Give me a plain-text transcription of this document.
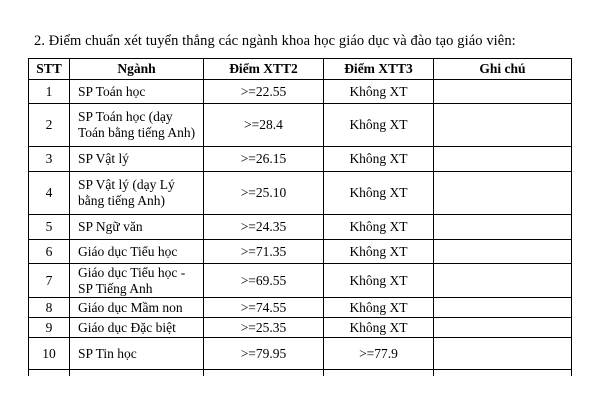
2. Điểm chuẩn xét tuyển thẳng các ngành khoa học giáo dục và đào tạo giáo viên:
STT	Ngành	Điểm XTT2	Điểm XTT3	Ghi chú
1	SP Toán học	>=22.55	Không XT	
2	SP Toán học (dạy Toán bằng tiếng Anh)	>=28.4	Không XT	
3	SP Vật lý	>=26.15	Không XT	
4	SP Vật lý (dạy Lý bằng tiếng Anh)	>=25.10	Không XT	
5	SP Ngữ văn	>=24.35	Không XT	
6	Giáo dục Tiểu học	>=71.35	Không XT	
7	Giáo dục Tiểu học - SP Tiếng Anh	>=69.55	Không XT	
8	Giáo dục Mầm non	>=74.55	Không XT	
9	Giáo dục Đặc biệt	>=25.35	Không XT	
10	SP Tin học	>=79.95	>=77.9	
